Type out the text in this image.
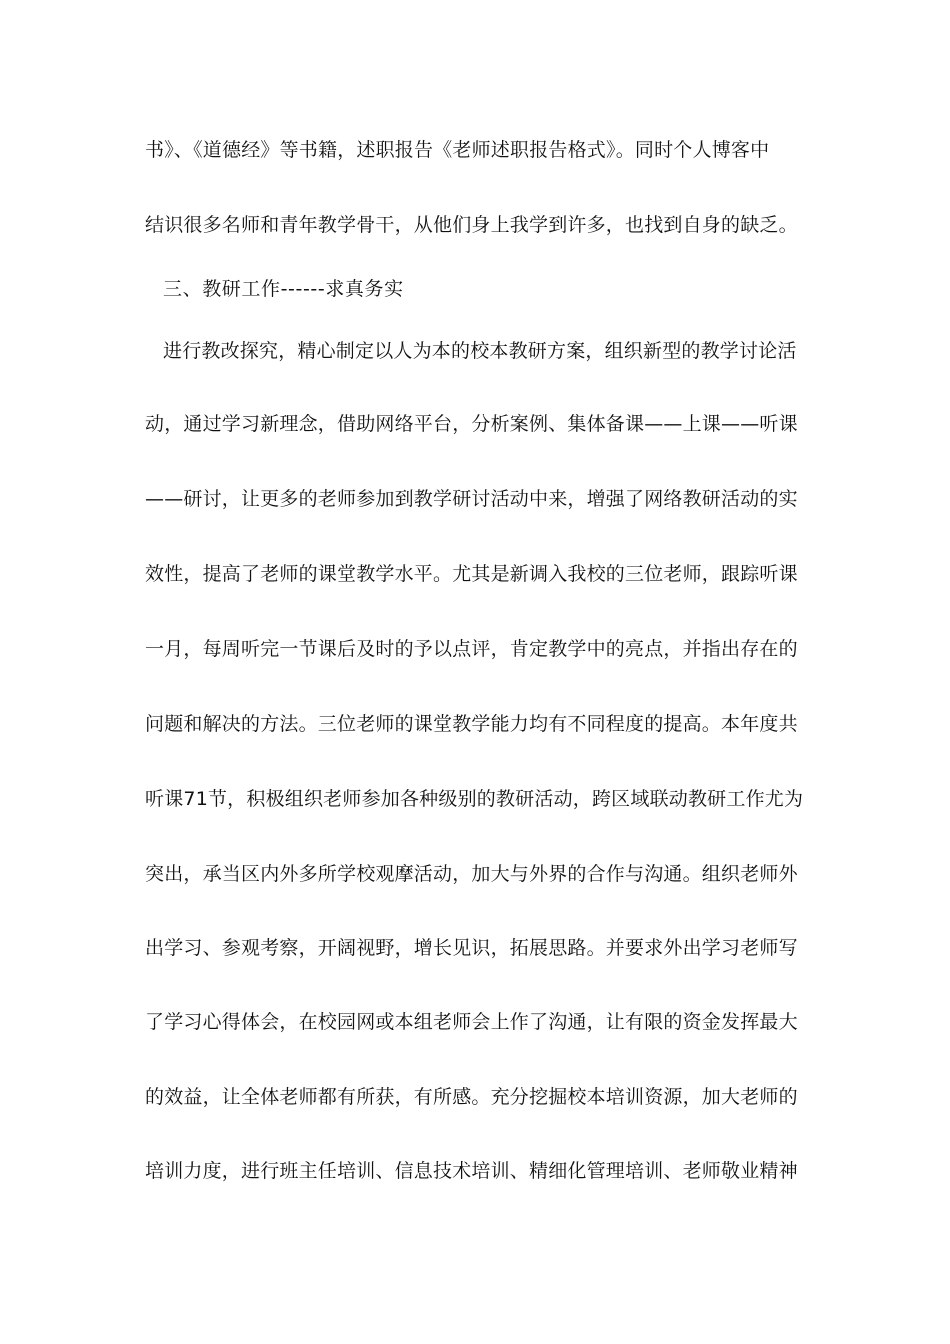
书》、《道德经》等书籍，述职报告《老师述职报告格式》。同时个人博客中
结识很多名师和青年教学骨干，从他们身上我学到许多，也找到自身的缺乏。
三、教研工作------求真务实
进行教改探究，精心制定以人为本的校本教研方案，组织新型的教学讨论活
动，通过学习新理念，借助网络平台，分析案例、集体备课——上课——听课
——研讨，让更多的老师参加到教学研讨活动中来，增强了网络教研活动的实
效性，提高了老师的课堂教学水平。尤其是新调入我校的三位老师，跟踪听课
一月，每周听完一节课后及时的予以点评，肯定教学中的亮点，并指出存在的
问题和解决的方法。三位老师的课堂教学能力均有不同程度的提高。本年度共
听课71节，积极组织老师参加各种级别的教研活动，跨区域联动教研工作尤为
突出，承当区内外多所学校观摩活动，加大与外界的合作与沟通。组织老师外
出学习、参观考察，开阔视野，增长见识，拓展思路。并要求外出学习老师写
了学习心得体会，在校园网或本组老师会上作了沟通，让有限的资金发挥最大
的效益，让全体老师都有所获，有所感。充分挖掘校本培训资源，加大老师的
培训力度，进行班主任培训、信息技术培训、精细化管理培训、老师敬业精神
